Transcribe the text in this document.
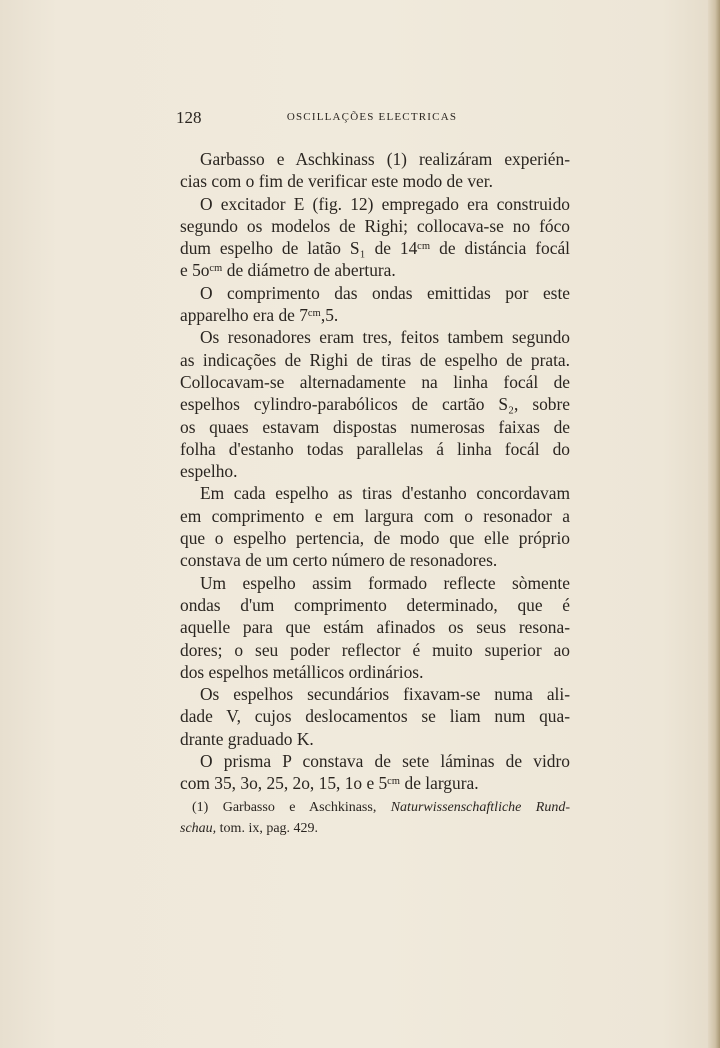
128	OSCILLAÇÕES ELECTRICAS
Garbasso e Aschkinass (1) realizáram experién-
cias com o fim de verificar este modo de ver.
O excitador E (fig. 12) empregado era construido
segundo os modelos de Righi; collocava-se no fóco
dum espelho de latão S₁ de 14ᶜᵐ de distáncia focál
e 5oᶜᵐ de diámetro de abertura.
O comprimento das ondas emittidas por este
apparelho era de 7ᶜᵐ,5.
Os resonadores eram tres, feitos tambem segundo
as indicações de Righi de tiras de espelho de prata.
Collocavam-se alternadamente na linha focál de
espelhos cylindro-parabólicos de cartão S₂, sobre
os quaes estavam dispostas numerosas faixas de
folha d'estanho todas parallelas á linha focál do
espelho.
Em cada espelho as tiras d'estanho concordavam
em comprimento e em largura com o resonador a
que o espelho pertencia, de modo que elle próprio
constava de um certo número de resonadores.
Um espelho assim formado reflecte sòmente
ondas d'um comprimento determinado, que é
aquelle para que estám afinados os seus resona-
dores; o seu poder reflector é muito superior ao
dos espelhos metállicos ordinários.
Os espelhos secundários fixavam-se numa ali-
dade V, cujos deslocamentos se liam num qua-
drante graduado K.
O prisma P constava de sete láminas de vidro
com 35, 3o, 25, 2o, 15, 1o e 5ᶜᵐ de largura.
(1) Garbasso e Aschkinass, Naturwissenschaftliche Rund-
schau, tom. ix, pag. 429.
